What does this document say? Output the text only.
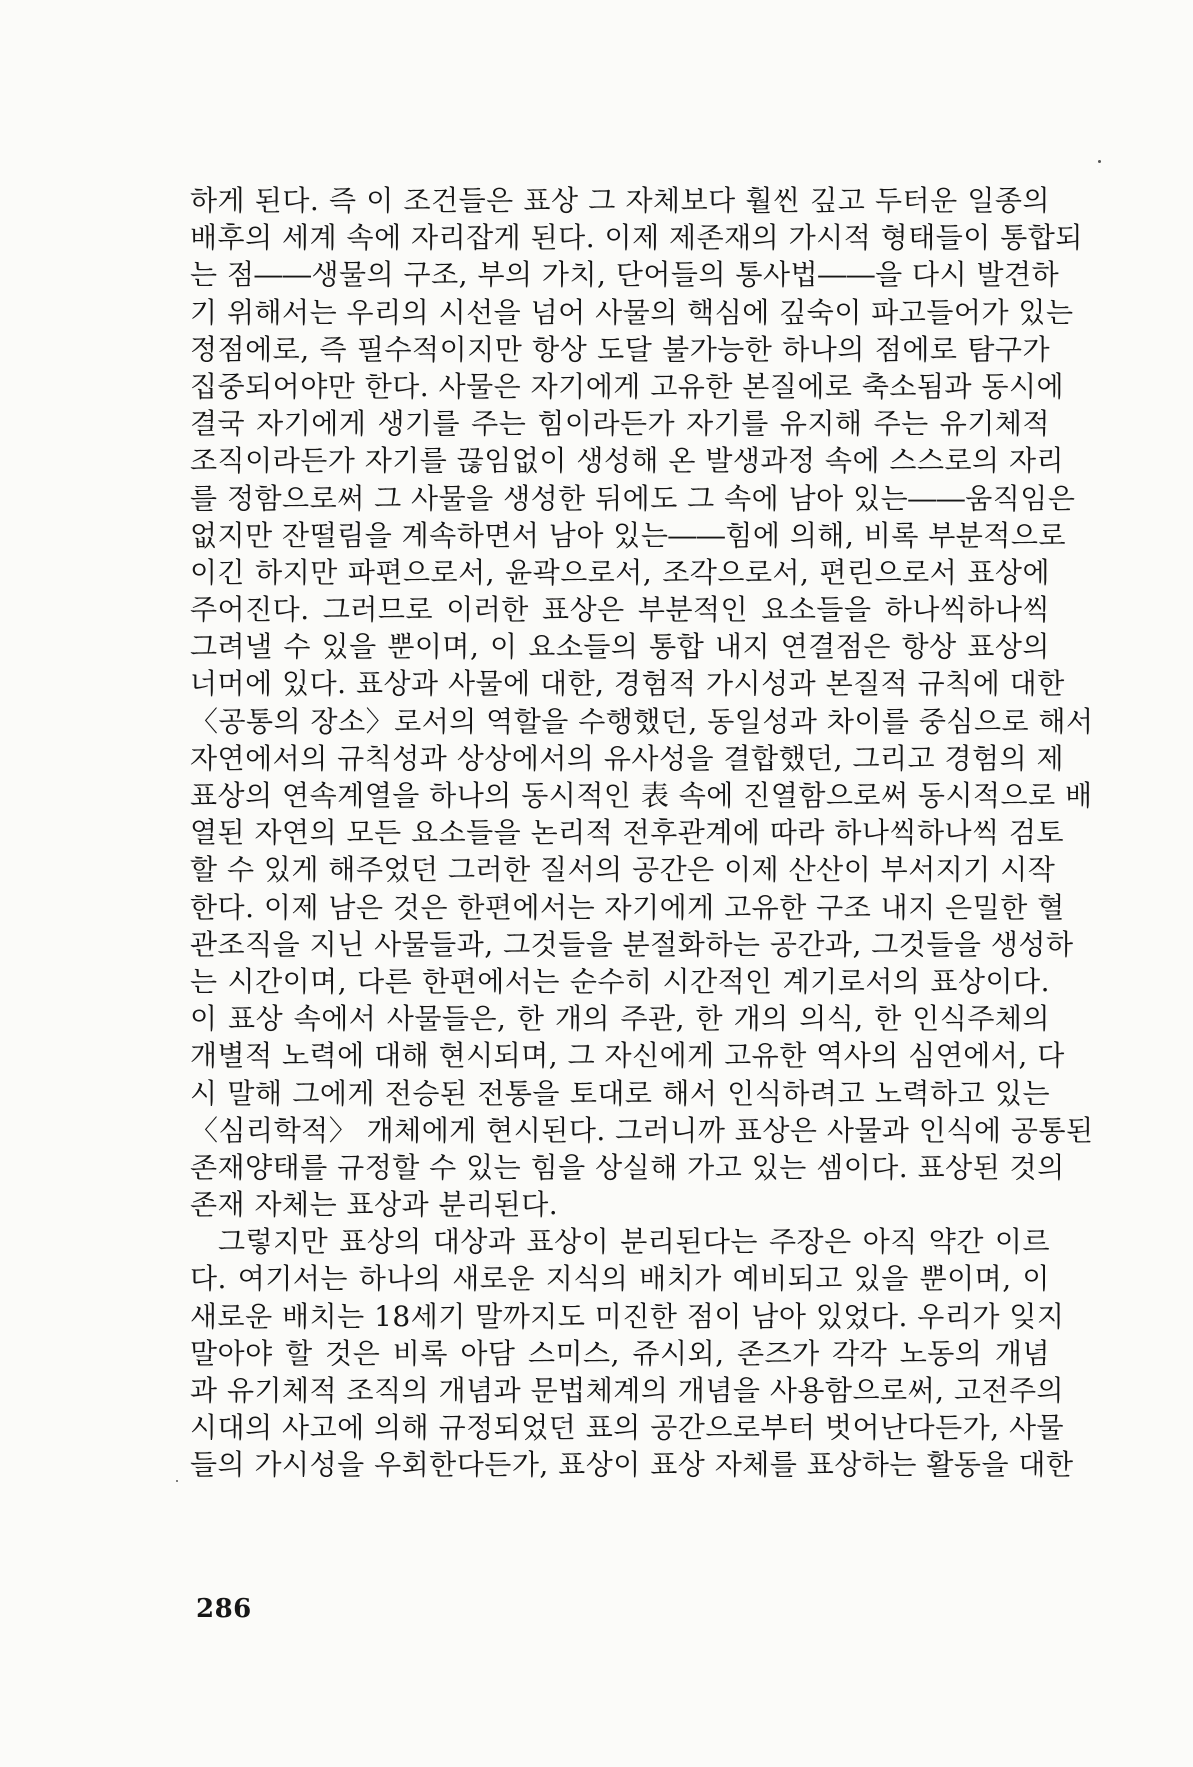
하게 된다. 즉 이 조건들은 표상 그 자체보다 훨씬 깊고 두터운 일종의
배후의 세계 속에 자리잡게 된다. 이제 제존재의 가시적 형태들이 통합되
는 점――생물의 구조, 부의 가치, 단어들의 통사법――을 다시 발견하
기 위해서는 우리의 시선을 넘어 사물의 핵심에 깊숙이 파고들어가 있는
정점에로, 즉 필수적이지만 항상 도달 불가능한 하나의 점에로 탐구가
집중되어야만 한다. 사물은 자기에게 고유한 본질에로 축소됨과 동시에
결국 자기에게 생기를 주는 힘이라든가 자기를 유지해 주는 유기체적
조직이라든가 자기를 끊임없이 생성해 온 발생과정 속에 스스로의 자리
를 정함으로써 그 사물을 생성한 뒤에도 그 속에 남아 있는――움직임은
없지만 잔떨림을 계속하면서 남아 있는――힘에 의해, 비록 부분적으로
이긴 하지만 파편으로서, 윤곽으로서, 조각으로서, 편린으로서 표상에
주어진다. 그러므로 이러한 표상은 부분적인 요소들을 하나씩하나씩
그려낼 수 있을 뿐이며, 이 요소들의 통합 내지 연결점은 항상 표상의
너머에 있다. 표상과 사물에 대한, 경험적 가시성과 본질적 규칙에 대한
〈공통의 장소〉로서의 역할을 수행했던, 동일성과 차이를 중심으로 해서
자연에서의 규칙성과 상상에서의 유사성을 결합했던, 그리고 경험의 제
표상의 연속계열을 하나의 동시적인 表 속에 진열함으로써 동시적으로 배
열된 자연의 모든 요소들을 논리적 전후관계에 따라 하나씩하나씩 검토
할 수 있게 해주었던 그러한 질서의 공간은 이제 산산이 부서지기 시작
한다. 이제 남은 것은 한편에서는 자기에게 고유한 구조 내지 은밀한 혈
관조직을 지닌 사물들과, 그것들을 분절화하는 공간과, 그것들을 생성하
는 시간이며, 다른 한편에서는 순수히 시간적인 계기로서의 표상이다.
이 표상 속에서 사물들은, 한 개의 주관, 한 개의 의식, 한 인식주체의
개별적 노력에 대해 현시되며, 그 자신에게 고유한 역사의 심연에서, 다
시 말해 그에게 전승된 전통을 토대로 해서 인식하려고 노력하고 있는
〈심리학적〉 개체에게 현시된다. 그러니까 표상은 사물과 인식에 공통된
존재양태를 규정할 수 있는 힘을 상실해 가고 있는 셈이다. 표상된 것의
존재 자체는 표상과 분리된다.
그렇지만 표상의 대상과 표상이 분리된다는 주장은 아직 약간 이르
다. 여기서는 하나의 새로운 지식의 배치가 예비되고 있을 뿐이며, 이
새로운 배치는 18세기 말까지도 미진한 점이 남아 있었다. 우리가 잊지
말아야 할 것은 비록 아담 스미스, 쥬시외, 존즈가 각각 노동의 개념
과 유기체적 조직의 개념과 문법체계의 개념을 사용함으로써, 고전주의
시대의 사고에 의해 규정되었던 표의 공간으로부터 벗어난다든가, 사물
들의 가시성을 우회한다든가, 표상이 표상 자체를 표상하는 활동을 대한
286
